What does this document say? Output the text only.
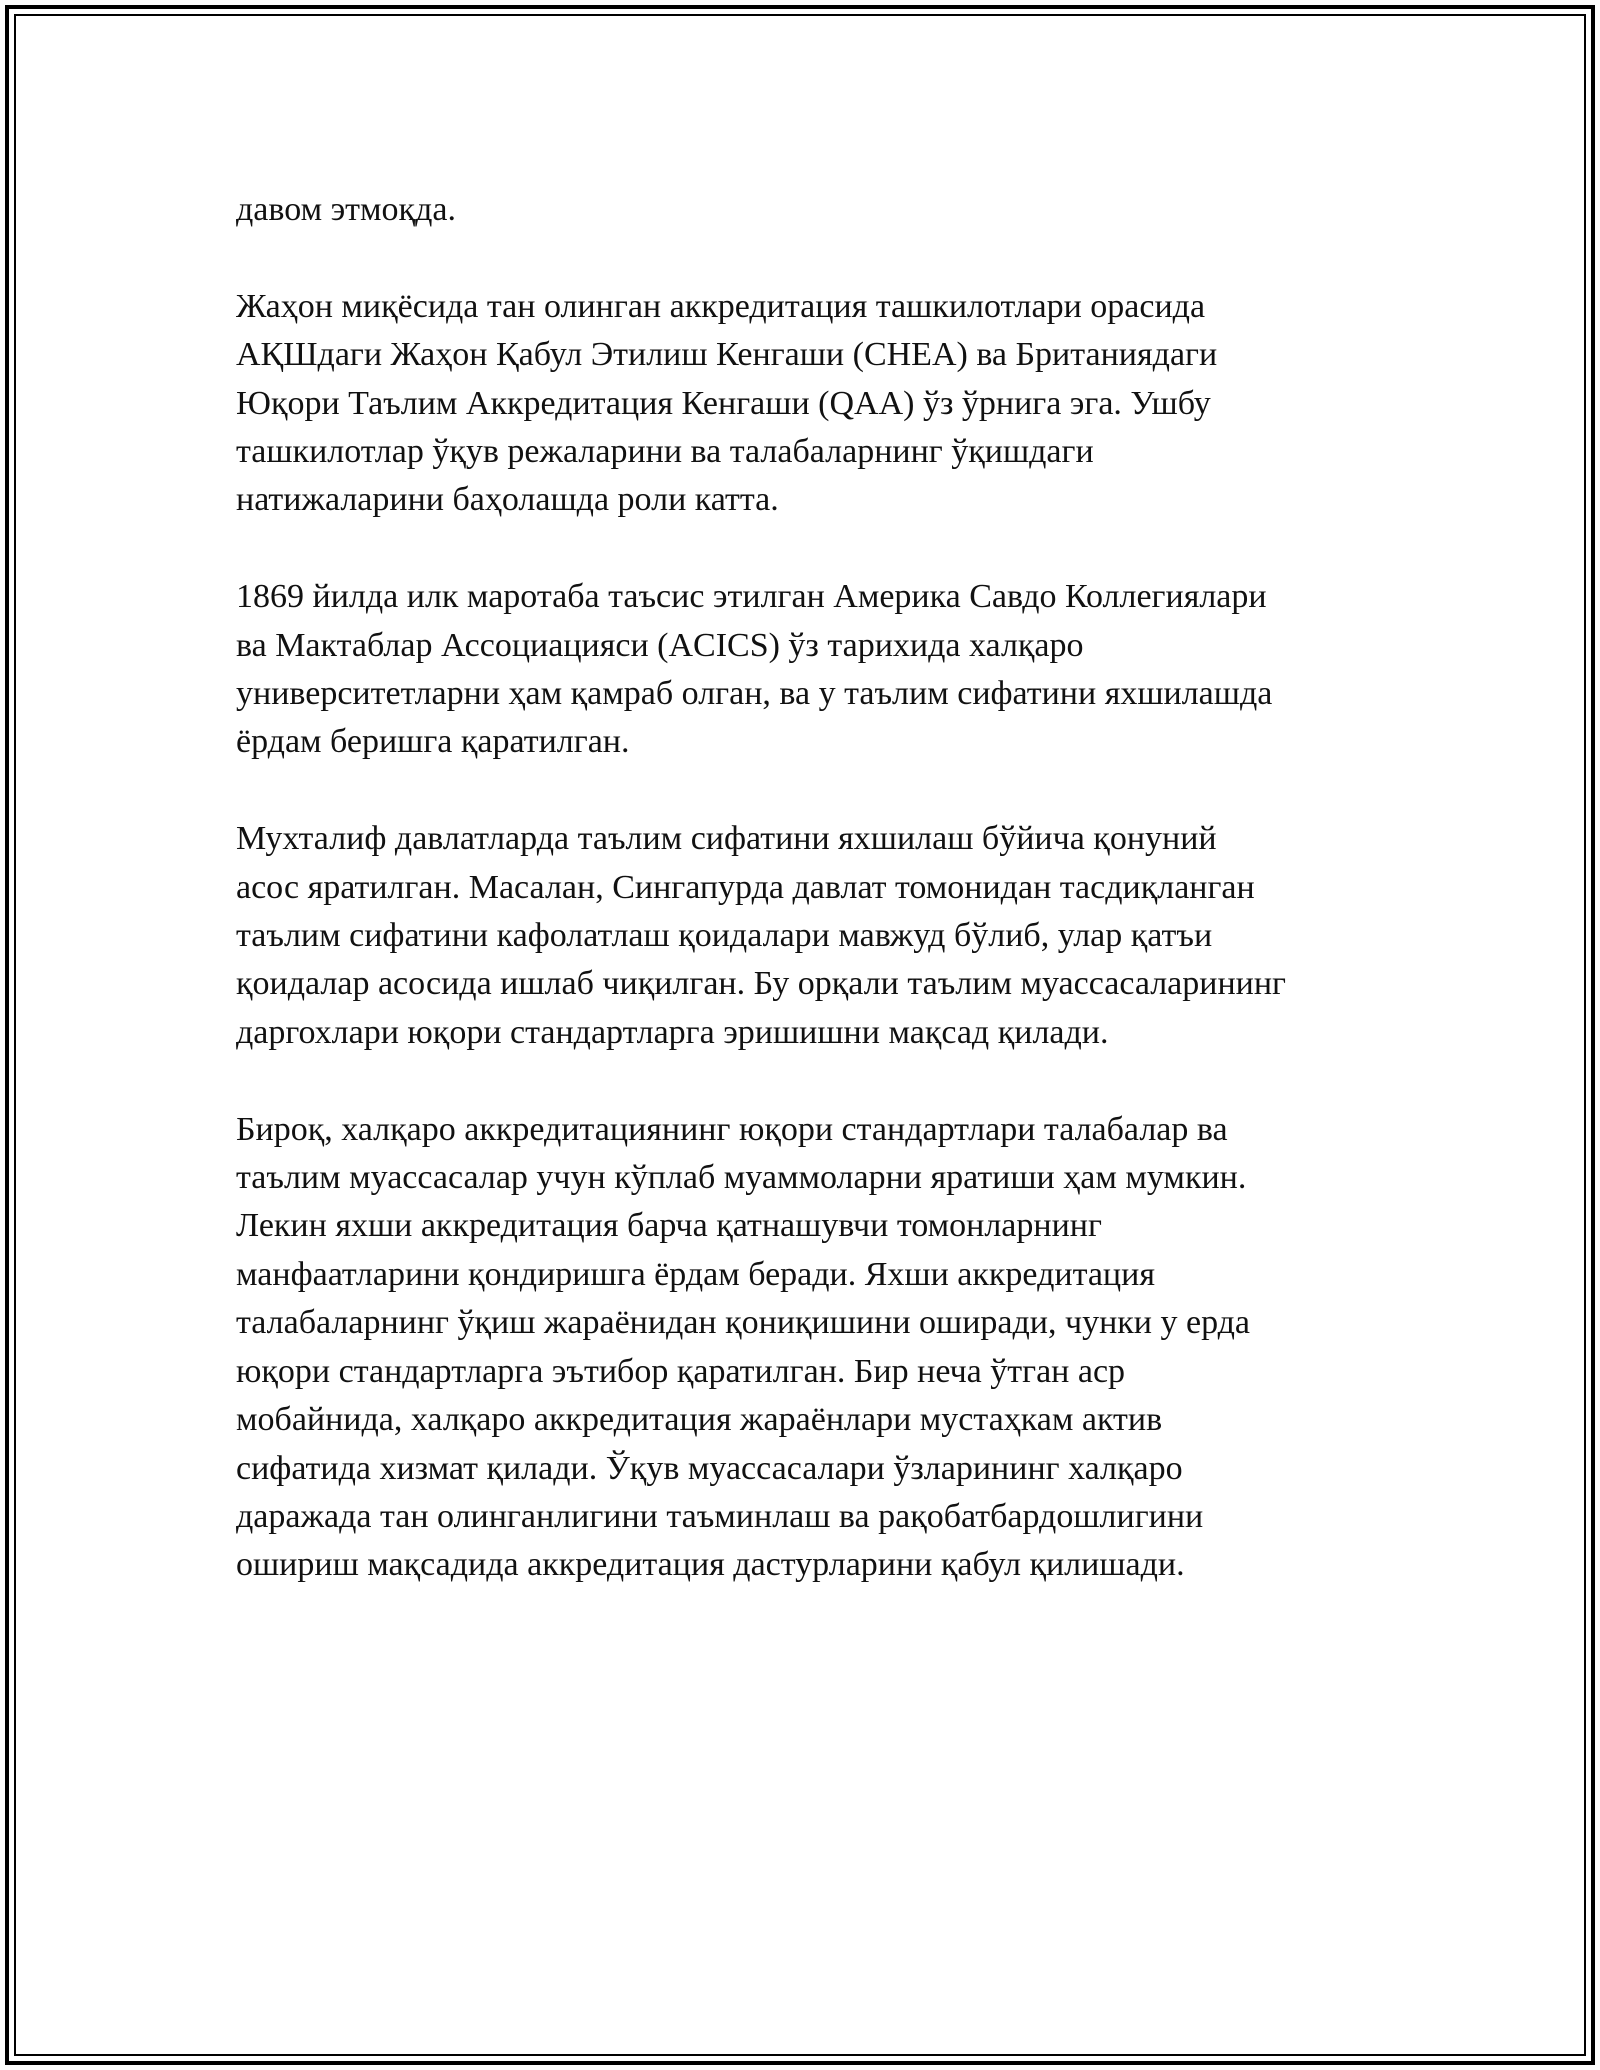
давом этмоқда.

Жаҳон миқёсида тан олинган аккредитация ташкилотлари орасида
АҚШдаги Жаҳон Қабул Этилиш Кенгаши (CHEA) ва Британиядаги
Юқори Таълим Аккредитация Кенгаши (QAA) ўз ўрнига эга. Ушбу
ташкилотлар ўқув режаларини ва талабаларнинг ўқишдаги
натижаларини баҳолашда роли катта.

1869 йилда илк маротаба таъсис этилган Америка Савдо Коллегиялари
ва Мактаблар Ассоциацияси (ACICS) ўз тарихида халқаро
университетларни ҳам қамраб олган, ва у таълим сифатини яхшилашда
ёрдам беришга қаратилган.

Мухталиф давлатларда таълим сифатини яхшилаш бўйича қонуний
асос яратилган. Масалан, Сингапурда давлат томонидан тасдиқланган
таълим сифатини кафолатлаш қоидалари мавжуд бўлиб, улар қатъи
қоидалар асосида ишлаб чиқилган. Бу орқали таълим муассасаларининг
даргохлари юқори стандартларга эришишни мақсад қилади.

Бироқ, халқаро аккредитациянинг юқори стандартлари талабалар ва
таълим муассасалар учун кўплаб муаммоларни яратиши ҳам мумкин.
Лекин яхши аккредитация барча қатнашувчи томонларнинг
манфаатларини қондиришга ёрдам беради. Яхши аккредитация
талабаларнинг ўқиш жараёнидан қониқишини оширади, чунки у ерда
юқори стандартларга эътибор қаратилган. Бир неча ўтган аср
мобайнида, халқаро аккредитация жараёнлари мустаҳкам актив
сифатида хизмат қилади. Ўқув муассасалари ўзларининг халқаро
даражада тан олинганлигини таъминлаш ва рақобатбардошлигини
ошириш мақсадида аккредитация дастурларини қабул қилишади.
